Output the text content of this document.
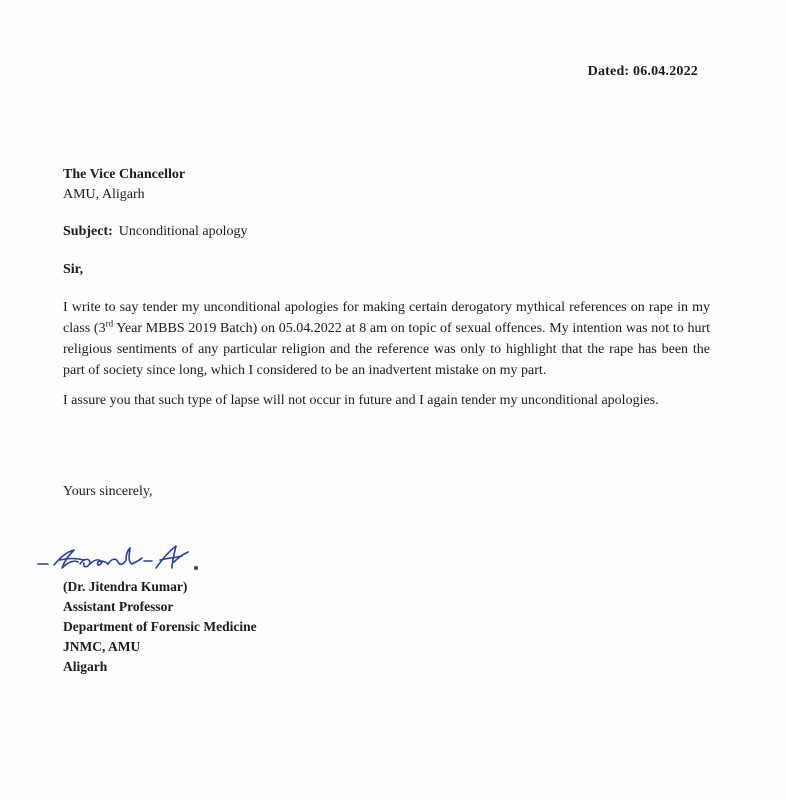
Dated: 06.04.2022
The Vice Chancellor
AMU, Aligarh
Subject: Unconditional apology
Sir,

I write to say tender my unconditional apologies for making certain derogatory mythical references on rape in my class (3rd Year MBBS 2019 Batch) on 05.04.2022 at 8 am on topic of sexual offences. My intention was not to hurt religious sentiments of any particular religion and the reference was only to highlight that the rape has been the part of society since long, which I considered to be an inadvertent mistake on my part.

I assure you that such type of lapse will not occur in future and I again tender my unconditional apologies.

Yours sincerely,
(Dr. Jitendra Kumar)
Assistant Professor
Department of Forensic Medicine
JNMC, AMU
Aligarh
